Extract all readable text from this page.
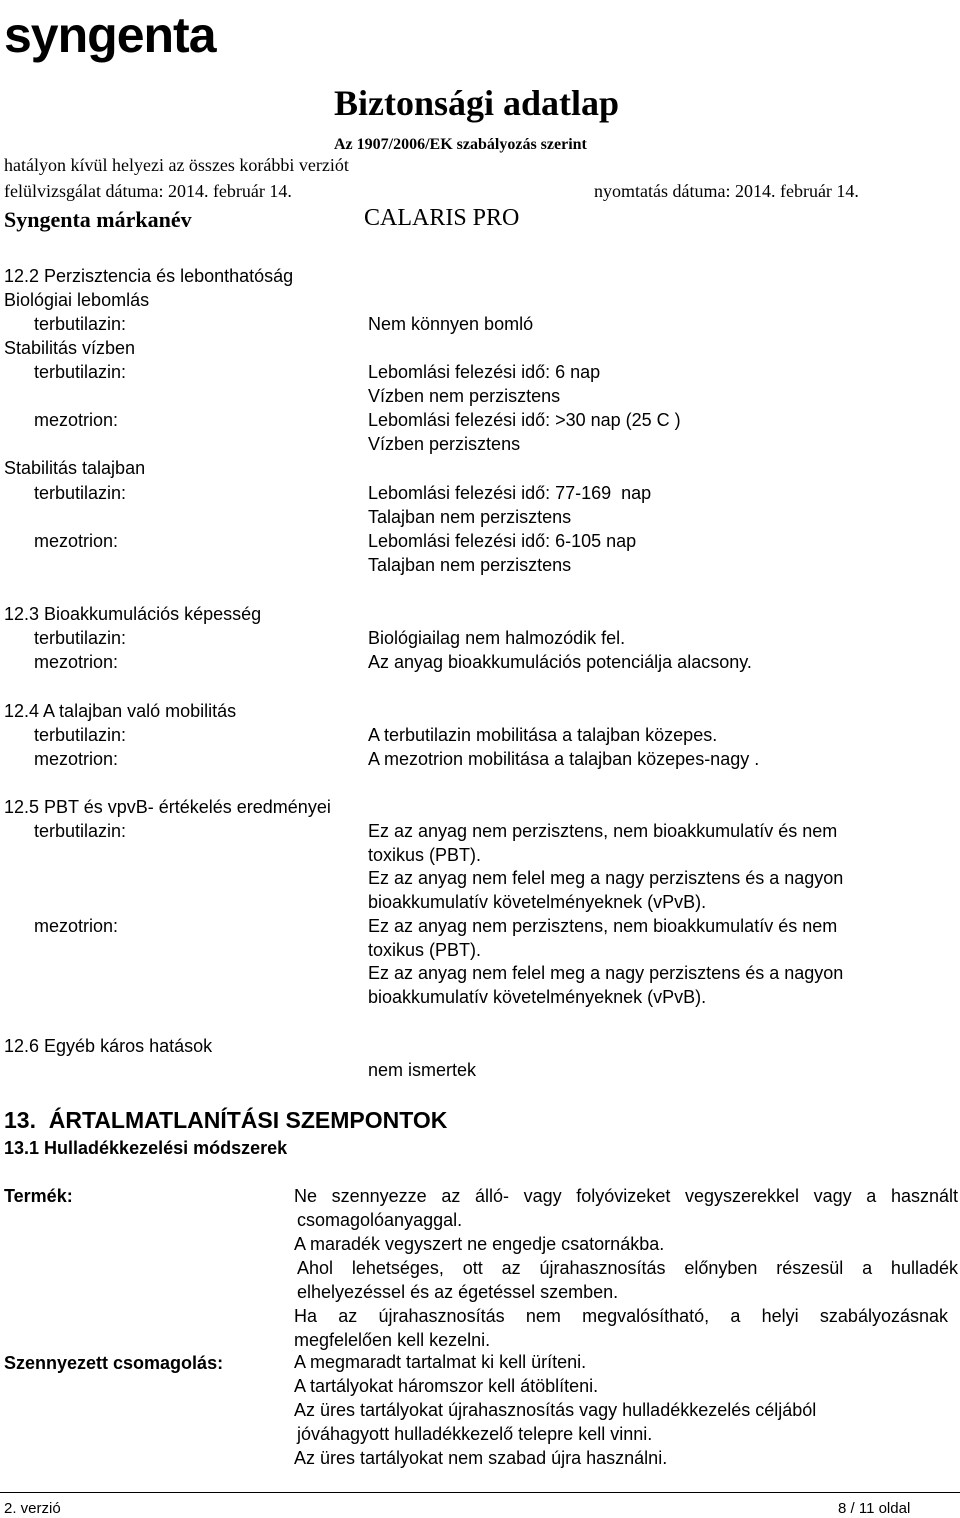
syngenta
Biztonsági adatlap
Az 1907/2006/EK szabályozás szerint
hatályon kívül helyezi az összes korábbi verziót
felülvizsgálat dátuma: 2014. február 14.	nyomtatás dátuma: 2014. február 14.
Syngenta márkanév	CALARIS PRO
12.2 Perzisztencia és lebonthatóság
Biológiai lebomlás
terbutilazin:	Nem könnyen bomló
Stabilitás vízben
terbutilazin:	Lebomlási felezési idő: 6 nap
Vízben nem perzisztens
mezotrion:	Lebomlási felezési idő: >30 nap (25 C )
Vízben perzisztens
Stabilitás talajban
terbutilazin:	Lebomlási felezési idő: 77-169  nap
Talajban nem perzisztens
mezotrion:	Lebomlási felezési idő: 6-105 nap
Talajban nem perzisztens
12.3 Bioakkumulációs képesség
terbutilazin:	Biológiailag nem halmozódik fel.
mezotrion:	Az anyag bioakkumulációs potenciálja alacsony.
12.4 A talajban való mobilitás
terbutilazin:	A terbutilazin mobilitása a talajban közepes.
mezotrion:	A mezotrion mobilitása a talajban közepes-nagy .
12.5 PBT és vpvB- értékelés eredményei
terbutilazin:	Ez az anyag nem perzisztens, nem bioakkumulatív és nem
toxikus (PBT).
Ez az anyag nem felel meg a nagy perzisztens és a nagyon
bioakkumulatív követelményeknek (vPvB).
mezotrion:	Ez az anyag nem perzisztens, nem bioakkumulatív és nem
toxikus (PBT).
Ez az anyag nem felel meg a nagy perzisztens és a nagyon
bioakkumulatív követelményeknek (vPvB).
12.6 Egyéb káros hatások
nem ismertek
13.  ÁRTALMATLANÍTÁSI SZEMPONTOK
13.1 Hulladékkezelési módszerek
Termék:	Ne szennyezze az álló- vagy folyóvizeket vegyszerekkel vagy a használt
csomagolóanyaggal.
A maradék vegyszert ne engedje csatornákba.
Ahol lehetséges, ott az újrahasznosítás előnyben részesül a hulladék
elhelyezéssel és az égetéssel szemben.
Ha az újrahasznosítás nem megvalósítható, a helyi szabályozásnak
megfelelően kell kezelni.
Szennyezett csomagolás:	A megmaradt tartalmat ki kell üríteni.
A tartályokat háromszor kell átöblíteni.
Az üres tartályokat újrahasznosítás vagy hulladékkezelés céljából
jóváhagyott hulladékkezelő telepre kell vinni.
Az üres tartályokat nem szabad újra használni.
2. verzió	8 / 11 oldal
